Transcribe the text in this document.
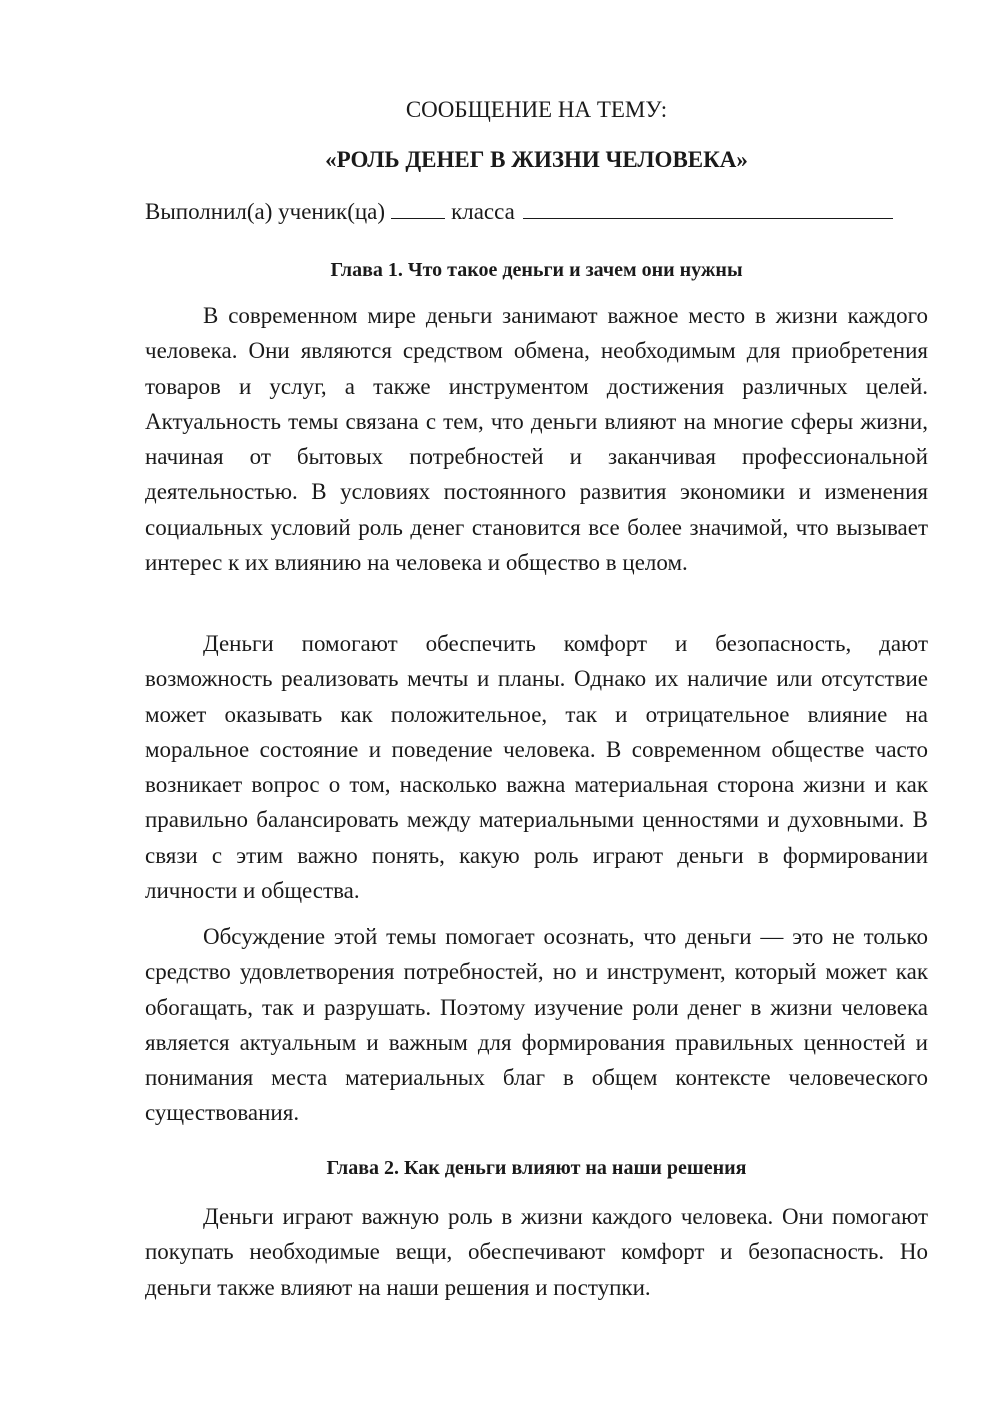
СООБЩЕНИЕ НА ТЕМУ:
«РОЛЬ ДЕНЕГ В ЖИЗНИ ЧЕЛОВЕКА»
Выполнил(а) ученик(ца)	класса
Глава 1. Что такое деньги и зачем они нужны

В современном мире деньги занимают важное место в жизни каждого человека. Они являются средством обмена, необходимым для приобретения товаров и услуг, а также инструментом достижения различных целей. Актуальность темы связана с тем, что деньги влияют на многие сферы жизни, начиная от бытовых потребностей и заканчивая профессиональной деятельностью. В условиях постоянного развития экономики и изменения социальных условий роль денег становится все более значимой, что вызывает интерес к их влиянию на человека и общество в целом.

Деньги помогают обеспечить комфорт и безопасность, дают возможность реализовать мечты и планы. Однако их наличие или отсутствие может оказывать как положительное, так и отрицательное влияние на моральное состояние и поведение человека. В современном обществе часто возникает вопрос о том, насколько важна материальная сторона жизни и как правильно балансировать между материальными ценностями и духовными. В связи с этим важно понять, какую роль играют деньги в формировании личности и общества.

Обсуждение этой темы помогает осознать, что деньги — это не только средство удовлетворения потребностей, но и инструмент, который может как обогащать, так и разрушать. Поэтому изучение роли денег в жизни человека является актуальным и важным для формирования правильных ценностей и понимания места материальных благ в общем контексте человеческого существования.

Глава 2. Как деньги влияют на наши решения

Деньги играют важную роль в жизни каждого человека. Они помогают покупать необходимые вещи, обеспечивают комфорт и безопасность. Но деньги также влияют на наши решения и поступки.
